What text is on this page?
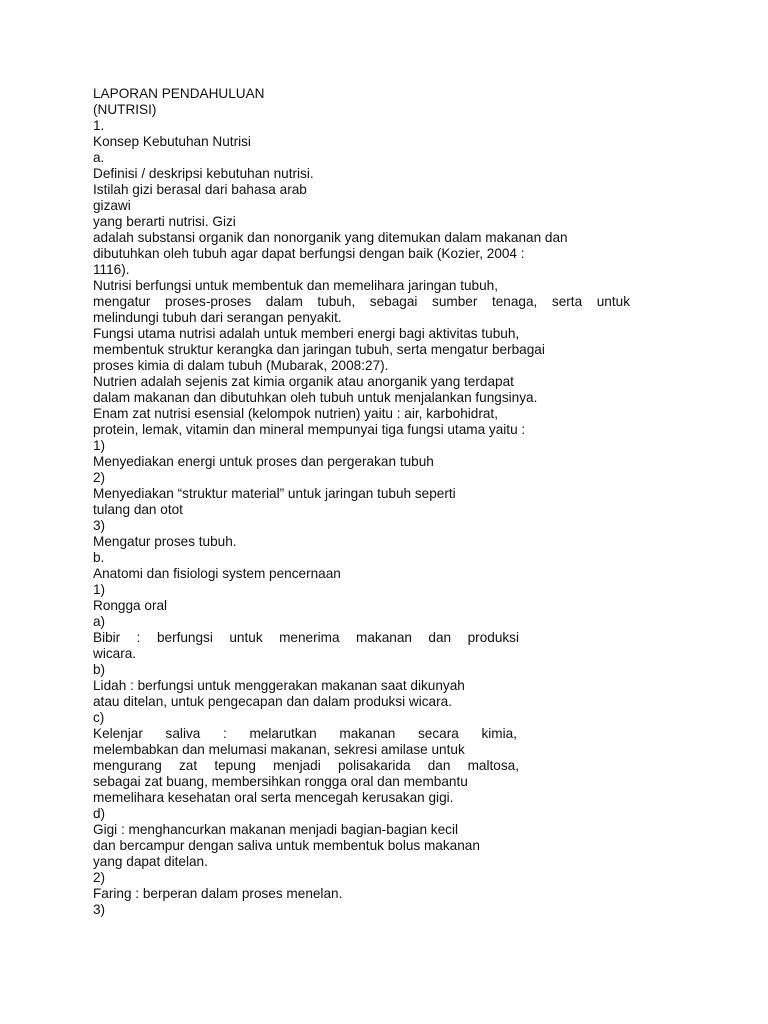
LAPORAN PENDAHULUAN
(NUTRISI)
1.
Konsep Kebutuhan Nutrisi
a.
Definisi / deskripsi kebutuhan nutrisi.
Istilah gizi berasal dari bahasa arab
gizawi
yang berarti nutrisi. Gizi
adalah substansi organik dan nonorganik yang ditemukan dalam makanan dan
dibutuhkan oleh tubuh agar dapat berfungsi dengan baik (Kozier, 2004 :
1116).
Nutrisi berfungsi untuk membentuk dan memelihara jaringan tubuh,
mengatur proses-proses dalam tubuh, sebagai sumber tenaga, serta untuk
melindungi tubuh dari serangan penyakit.
Fungsi utama nutrisi adalah untuk memberi energi bagi aktivitas tubuh,
membentuk struktur kerangka dan jaringan tubuh, serta mengatur berbagai
proses kimia di dalam tubuh (Mubarak, 2008:27).
Nutrien adalah sejenis zat kimia organik atau anorganik yang terdapat
dalam makanan dan dibutuhkan oleh tubuh untuk menjalankan fungsinya.
Enam zat nutrisi esensial (kelompok nutrien) yaitu : air, karbohidrat,
protein, lemak, vitamin dan mineral mempunyai tiga fungsi utama yaitu :
1)
Menyediakan energi untuk proses dan pergerakan tubuh
2)
Menyediakan “struktur material” untuk jaringan tubuh seperti
tulang dan otot
3)
Mengatur proses tubuh.
b.
Anatomi dan fisiologi system pencernaan
1)
Rongga oral
a)
Bibir : berfungsi untuk menerima makanan dan produksi
wicara.
b)
Lidah : berfungsi untuk menggerakan makanan saat dikunyah
atau ditelan, untuk pengecapan dan dalam produksi wicara.
c)
Kelenjar saliva : melarutkan makanan secara kimia,
melembabkan dan melumasi makanan, sekresi amilase untuk
mengurang zat tepung menjadi polisakarida dan maltosa,
sebagai zat buang, membersihkan rongga oral dan membantu
memelihara kesehatan oral serta mencegah kerusakan gigi.
d)
Gigi : menghancurkan makanan menjadi bagian-bagian kecil
dan bercampur dengan saliva untuk membentuk bolus makanan
yang dapat ditelan.
2)
Faring : berperan dalam proses menelan.
3)
